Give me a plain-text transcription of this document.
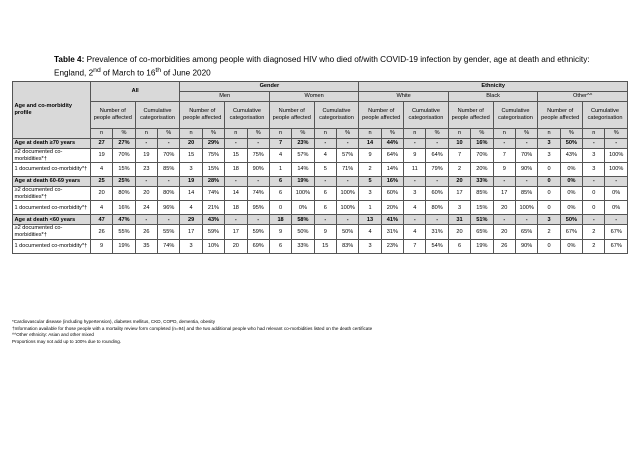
Table 4: Prevalence of co-morbidities among people with diagnosed HIV who died of/with COVID-19 infection by gender, age at death and ethnicity: England, 2nd of March to 16th of June 2020
Age and co-morbidity profile	All				Gender								Ethnicity											
					Men				Women				White				Black				Other^^			
	Number of people affected		Cumulative categorisation		Number of people affected		Cumulative categorisation		Number of people affected		Cumulative categorisation		Number of people affected		Cumulative categorisation		Number of people affected		Cumulative categorisation		Number of people affected		Cumulative categorisation	
	n	%	n	%	n	%	n	%	n	%	n	%	n	%	n	%	n	%	n	%	n	%	n	%
Age at death ≥70 years	27	27%	-	-	20	29%	-	-	7	23%	-	-	14	44%	-	-	10	16%	-	-	3	50%	-	-
≥2 documented co-morbidities*†	19	70%	19	70%	15	75%	15	75%	4	57%	4	57%	9	64%	9	64%	7	70%	7	70%	3	43%	3	100%
1 documented co-morbidity*†	4	15%	23	85%	3	15%	18	90%	1	14%	5	71%	2	14%	11	79%	2	20%	9	90%	0	0%	3	100%
Age at death 60-69 years	25	25%	-	-	19	28%	-	-	6	19%	-	-	5	16%	-	-	20	33%	-	-	0	0%	-	-
≥2 documented co-morbidities*†	20	80%	20	80%	14	74%	14	74%	6	100%	6	100%	3	60%	3	60%	17	85%	17	85%	0	0%	0	0%
1 documented co-morbidity*†	4	16%	24	96%	4	21%	18	95%	0	0%	6	100%	1	20%	4	80%	3	15%	20	100%	0	0%	0	0%
Age at death <60 years	47	47%	-	-	29	43%	-	-	18	58%	-	-	13	41%	-	-	31	51%	-	-	3	50%	-	-
≥2 documented co-morbidities*†	26	55%	26	55%	17	59%	17	59%	9	50%	9	50%	4	31%	4	31%	20	65%	20	65%	2	67%	2	67%
1 documented co-morbidity*†	9	19%	35	74%	3	10%	20	69%	6	33%	15	83%	3	23%	7	54%	6	19%	26	90%	0	0%	2	67%
*Cardiovascular disease (including hypertension), diabetes mellitus, CKD, COPD, dementia, obesity
†Information available for those people with a mortality review form completed (n=94) and the two additional people who had relevant co-morbidities listed on the death certificate
^^Other ethnicity: Asian and other mixed
Proportions may not add up to 100% due to rounding.
